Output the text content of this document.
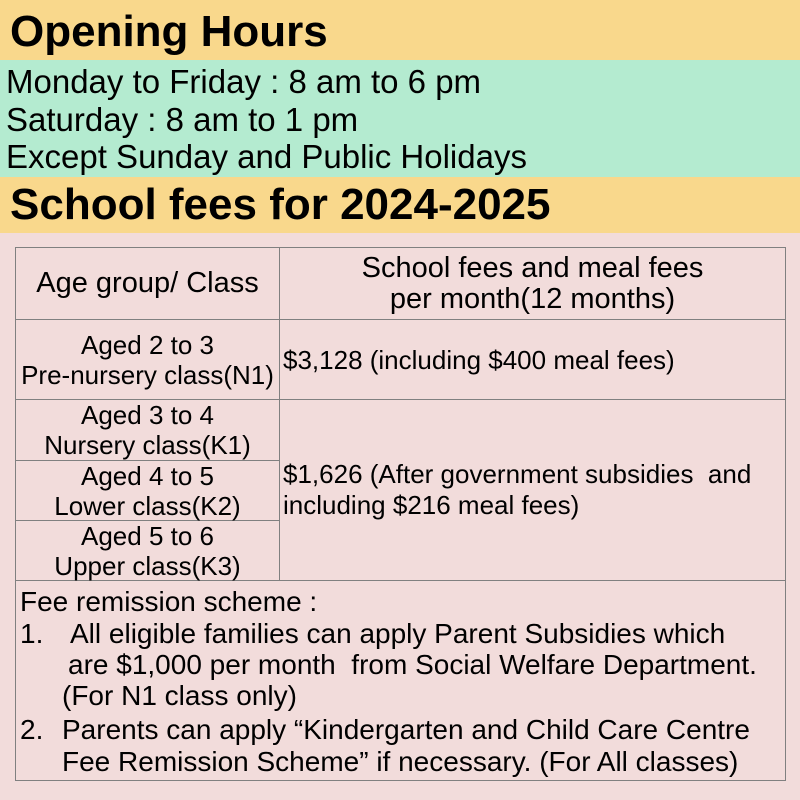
Opening Hours
Monday to Friday : 8 am to 6 pm
Saturday : 8 am to 1 pm
Except Sunday and Public Holidays
School fees for 2024-2025
Age group/ Class	School fees and meal fees
per month(12 months)
Aged 2 to 3
Pre-nursery class(N1) $3,128 (including $400 meal fees)
Aged 3 to 4
Nursery class(K1)
Aged 4 to 5
Lower class(K2)
Aged 5 to 6
Upper class(K3)
$1,626 (After government subsidies  and
including $216 meal fees)
Fee remission scheme :
1. All eligible families can apply Parent Subsidies which
are $1,000 per month  from Social Welfare Department.
(For N1 class only)
2. Parents can apply “Kindergarten and Child Care Centre
Fee Remission Scheme” if necessary. (For All classes)
